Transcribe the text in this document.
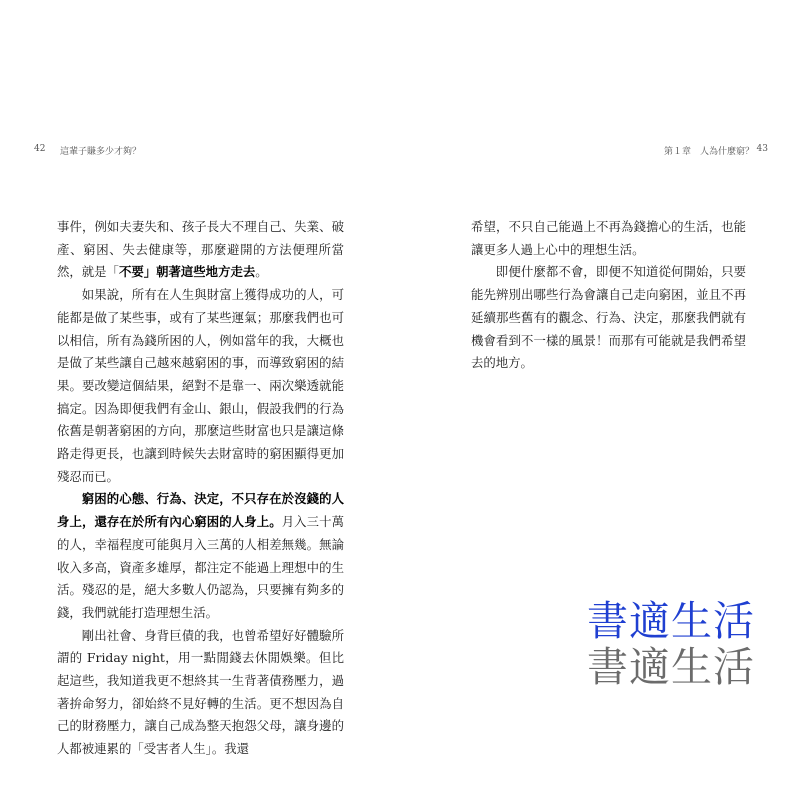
42 這輩子賺多少才夠？

事件，例如夫妻失和、孩子長大不理自己、失業、破產、窮困、失去健康等，那麼避開的方法便理所當然，就是「不要」朝著這些地方走去。

如果說，所有在人生與財富上獲得成功的人，可能都是做了某些事，或有了某些運氣；那麼我們也可以相信，所有為錢所困的人，例如當年的我，大概也是做了某些讓自己越來越窮困的事，而導致窮困的結果。要改變這個結果，絕對不是靠一、兩次樂透就能搞定。因為即便我們有金山、銀山，假設我們的行為依舊是朝著窮困的方向，那麼這些財富也只是讓這條路走得更長，也讓到時候失去財富時的窮困顯得更加殘忍而已。

窮困的心態、行為、決定，不只存在於沒錢的人身上，還存在於所有內心窮困的人身上。月入三十萬的人，幸福程度可能與月入三萬的人相差無幾。無論收入多高，資產多雄厚，都注定不能過上理想中的生活。殘忍的是，絕大多數人仍認為，只要擁有夠多的錢，我們就能打造理想生活。

剛出社會、身背巨債的我，也曾希望好好體驗所謂的 Friday night，用一點閒錢去休閒娛樂。但比起這些，我知道我更不想終其一生背著債務壓力，過著拚命努力，卻始終不見好轉的生活。更不想因為自己的財務壓力，讓自己成為整天抱怨父母，讓身邊的人都被連累的「受害者人生」。我還

第１章　人為什麼窮？ 43

希望，不只自己能過上不再為錢擔心的生活，也能讓更多人過上心中的理想生活。

即便什麼都不會，即便不知道從何開始，只要能先辨別出哪些行為會讓自己走向窮困，並且不再延續那些舊有的觀念、行為、決定，那麼我們就有機會看到不一樣的風景！而那有可能就是我們希望去的地方。

書適生活
書適生活
